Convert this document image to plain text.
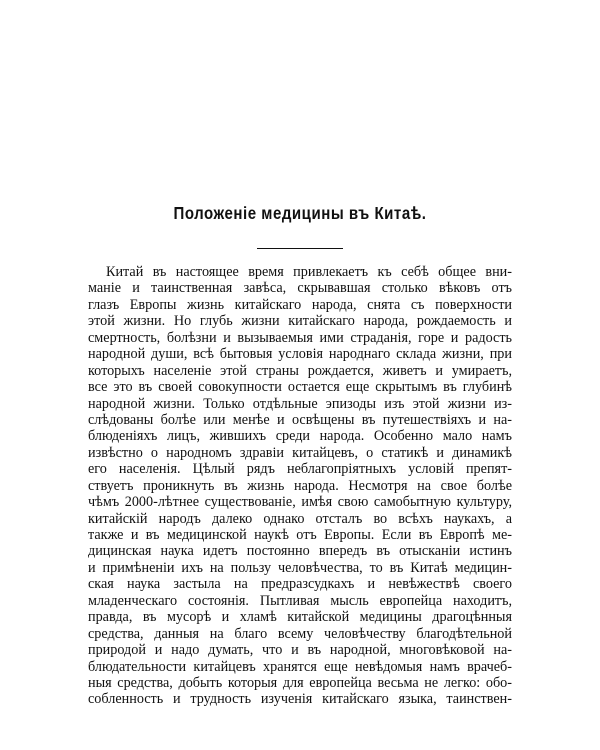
Положеніе медицины въ Китаѣ.
Китай въ настоящее время привлекаетъ къ себѣ общее вни-
маніе и таинственная завѣса, скрывавшая столько вѣковъ отъ
глазъ Европы жизнь китайскаго народа, снята съ поверхности
этой жизни. Но глубь жизни китайскаго народа, рождаемость и
смертность, болѣзни и вызываемыя ими страданія, горе и радость
народной души, всѣ бытовыя условія народнаго склада жизни, при
которыхъ населеніе этой страны рождается, живетъ и умираетъ,
все это въ своей совокупности остается еще скрытымъ въ глубинѣ
народной жизни. Только отдѣльные эпизоды изъ этой жизни из-
слѣдованы болѣе или менѣе и освѣщены въ путешествіяхъ и на-
блюденіяхъ лицъ, жившихъ среди народа. Особенно мало намъ
извѣстно о народномъ здравіи китайцевъ, о статикѣ и динамикѣ
его населенія. Цѣлый рядъ неблагопріятныхъ условій препят-
ствуетъ проникнуть въ жизнь народа. Несмотря на свое болѣе
чѣмъ 2000-лѣтнее существованіе, имѣя свою самобытную культуру,
китайскій народъ далеко однако отсталъ во всѣхъ наукахъ, а
также и въ медицинской наукѣ отъ Европы. Если въ Европѣ ме-
дицинская наука идетъ постоянно впередъ въ отысканіи истинъ
и примѣненіи ихъ на пользу человѣчества, то въ Китаѣ медицин-
ская наука застыла на предразсудкахъ и невѣжествѣ своего
младенческаго состоянія. Пытливая мысль европейца находитъ,
правда, въ мусорѣ и хламѣ китайской медицины драгоцѣнныя
средства, данныя на благо всему человѣчеству благодѣтельной
природой и надо думать, что и въ народной, многовѣковой на-
блюдательности китайцевъ хранятся еще невѣдомыя намъ врачеб-
ныя средства, добыть которыя для европейца весьма не легко: обо-
собленность и трудность изученія китайскаго языка, таинствен-
